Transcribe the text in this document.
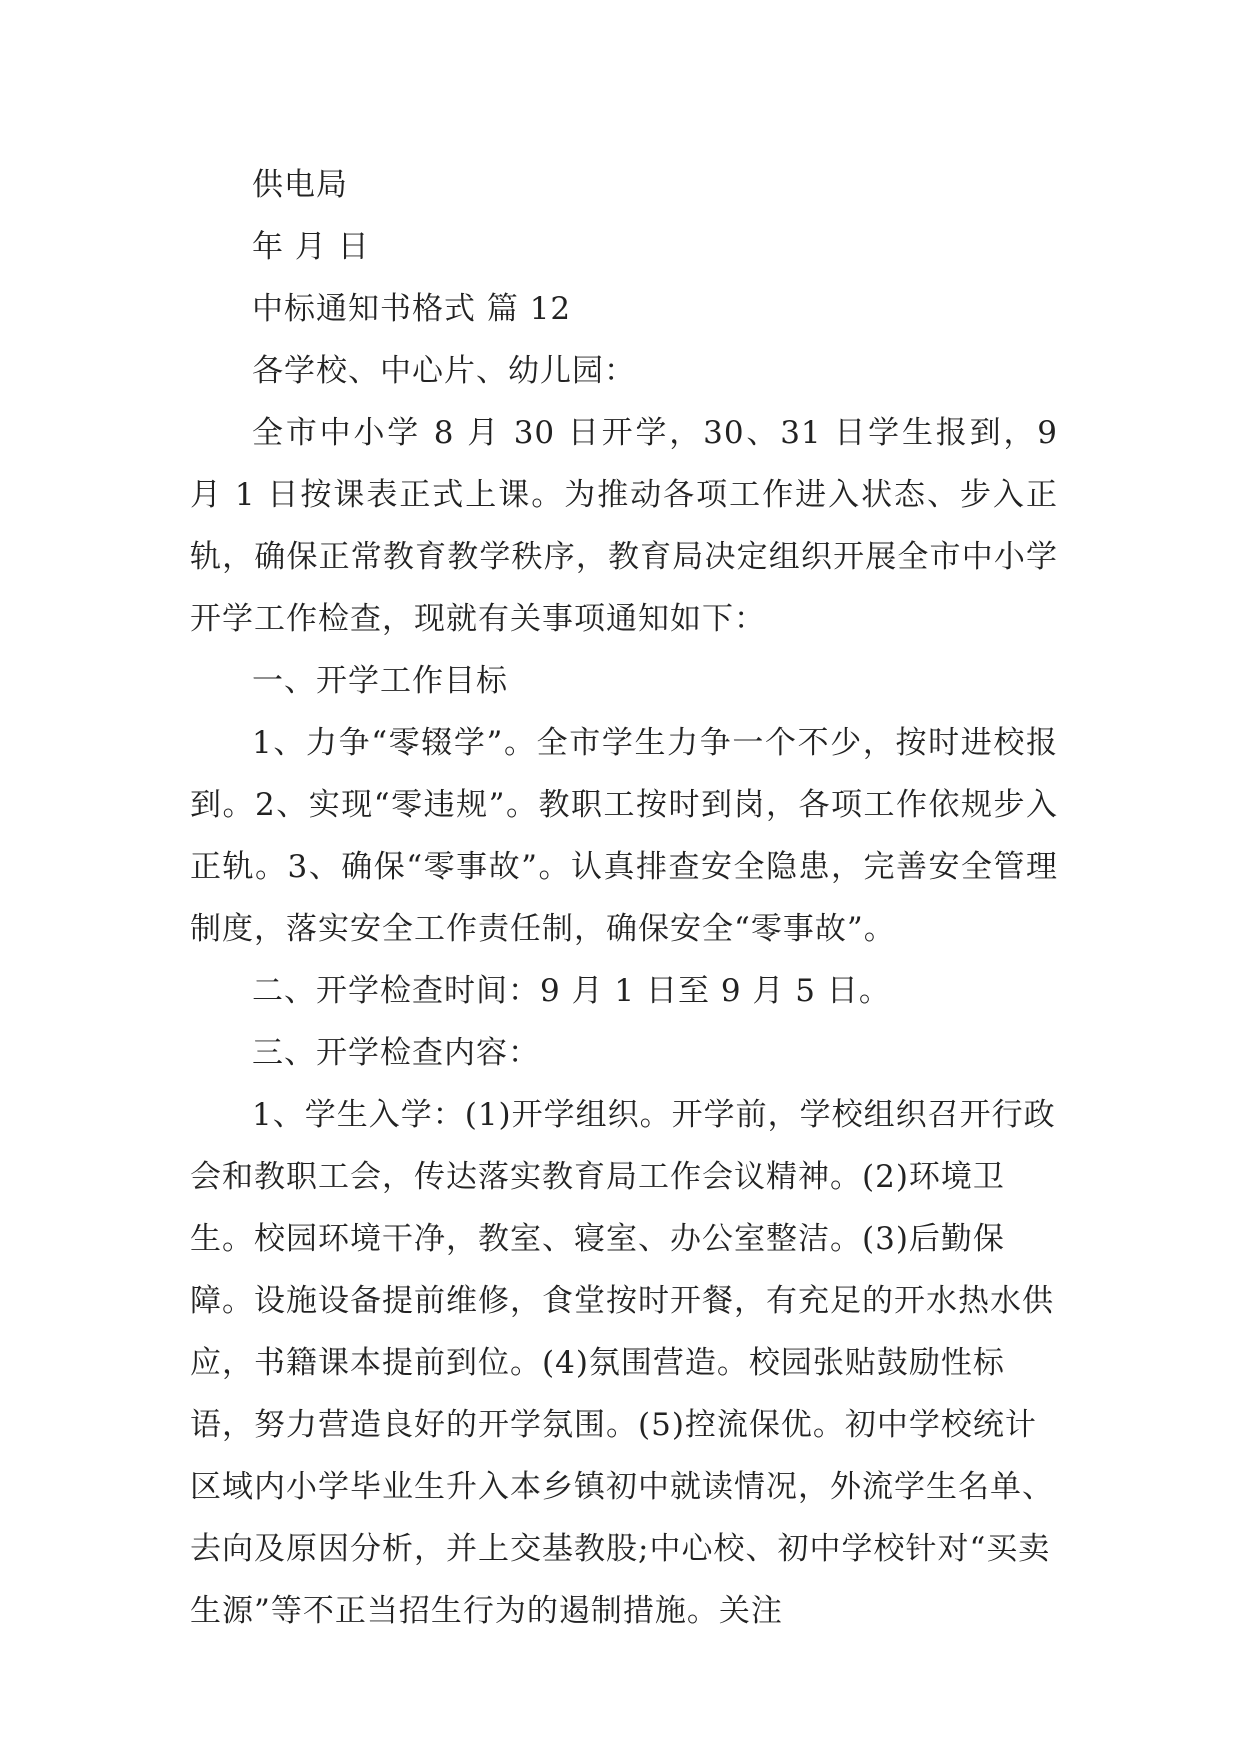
供电局

年 月 日

中标通知书格式 篇 12

各学校、中心片、幼儿园：

全市中小学 8 月 30 日开学，30、31 日学生报到，9 月 1 日按课表正式上课。为推动各项工作进入状态、步入正轨，确保正常教育教学秩序，教育局决定组织开展全市中小学开学工作检查，现就有关事项通知如下：

一、开学工作目标

1、力争“零辍学”。全市学生力争一个不少，按时进校报到。2、实现“零违规”。教职工按时到岗，各项工作依规步入正轨。3、确保“零事故”。认真排查安全隐患，完善安全管理制度，落实安全工作责任制，确保安全“零事故”。

二、开学检查时间：9 月 1 日至 9 月 5 日。

三、开学检查内容：

1、学生入学：(1)开学组织。开学前，学校组织召开行政会和教职工会，传达落实教育局工作会议精神。(2)环境卫生。校园环境干净，教室、寝室、办公室整洁。(3)后勤保障。设施设备提前维修，食堂按时开餐，有充足的开水热水供应，书籍课本提前到位。(4)氛围营造。校园张贴鼓励性标语，努力营造良好的开学氛围。(5)控流保优。初中学校统计区域内小学毕业生升入本乡镇初中就读情况，外流学生名单、去向及原因分析，并上交基教股;中心校、初中学校针对“买卖生源”等不正当招生行为的遏制措施。关注
